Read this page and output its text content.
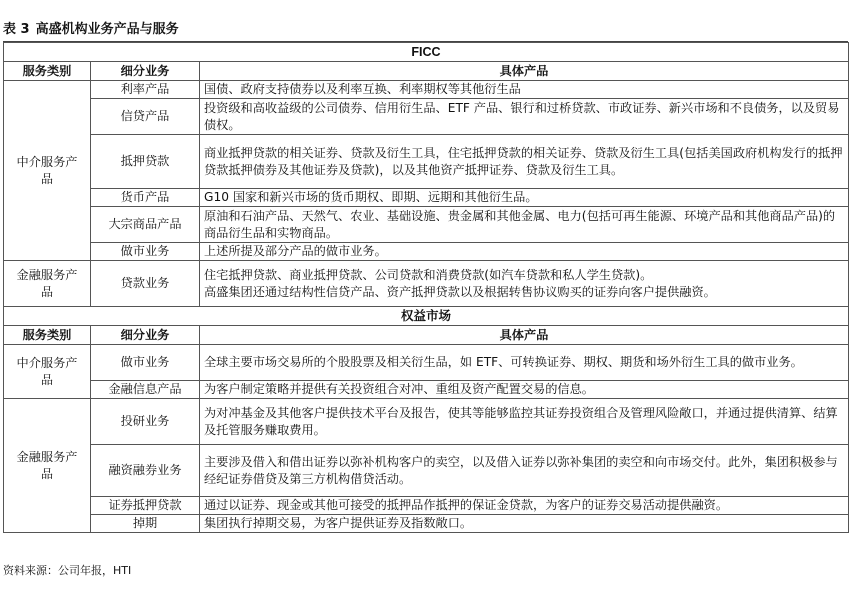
表 3 高盛机构业务产品与服务
FICC		
服务类别	细分业务	具体产品
中介服务产品	利率产品	国债、政府支持债券以及利率互换、利率期权等其他衍生品
	信贷产品	投资级和高收益级的公司债券、信用衍生品、ETF 产品、银行和过桥贷款、市政证券、新兴市场和不良债务，以及贸易债权。
	抵押贷款	商业抵押贷款的相关证券、贷款及衍生工具，住宅抵押贷款的相关证券、贷款及衍生工具(包括美国政府机构发行的抵押贷款抵押债券及其他证券及贷款)，以及其他资产抵押证券、贷款及衍生工具。
	货币产品	G10 国家和新兴市场的货币期权、即期、远期和其他衍生品。
	大宗商品产品	原油和石油产品、天然气、农业、基础设施、贵金属和其他金属、电力(包括可再生能源、环境产品和其他商品产品)的商品衍生品和实物商品。
	做市业务	上述所提及部分产品的做市业务。
金融服务产品	贷款业务	住宅抵押贷款、商业抵押贷款、公司贷款和消费贷款(如汽车贷款和私人学生贷款)。
高盛集团还通过结构性信贷产品、资产抵押贷款以及根据转售协议购买的证券向客户提供融资。
权益市场		
服务类别	细分业务	具体产品
中介服务产品	做市业务	全球主要市场交易所的个股股票及相关衍生品，如 ETF、可转换证券、期权、期货和场外衍生工具的做市业务。
	金融信息产品	为客户制定策略并提供有关投资组合对冲、重组及资产配置交易的信息。
金融服务产品	投研业务	为对冲基金及其他客户提供技术平台及报告，使其等能够监控其证券投资组合及管理风险敞口，并通过提供清算、结算及托管服务赚取费用。
	融资融券业务	主要涉及借入和借出证券以弥补机构客户的卖空，以及借入证券以弥补集团的卖空和向市场交付。此外，集团积极参与经纪证券借贷及第三方机构借贷活动。
	证券抵押贷款	通过以证券、现金或其他可接受的抵押品作抵押的保证金贷款，为客户的证券交易活动提供融资。
	掉期	集团执行掉期交易，为客户提供证券及指数敞口。
资料来源：公司年报，HTI
